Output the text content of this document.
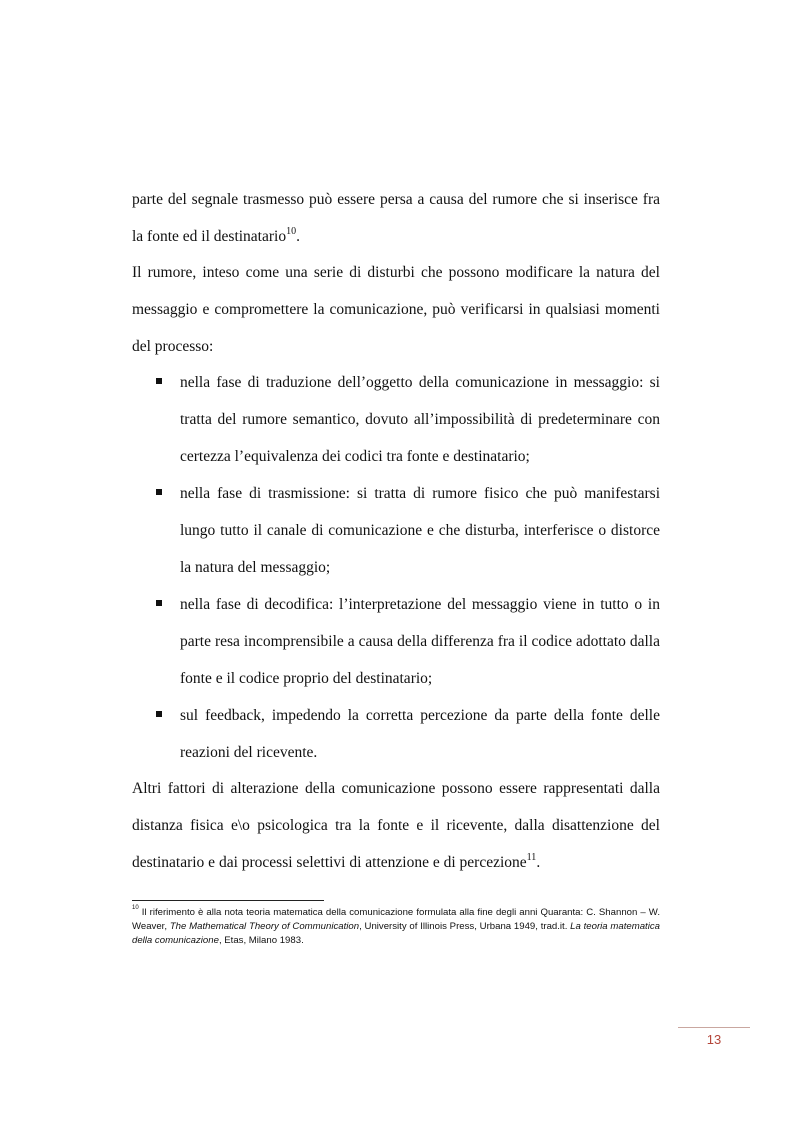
parte del segnale trasmesso può essere persa a causa del rumore che si inserisce fra la fonte ed il destinatario$^{10}$.

Il rumore, inteso come una serie di disturbi che possono modificare la natura del messaggio e compromettere la comunicazione, può verificarsi in qualsiasi momenti del processo:

nella fase di traduzione dell’oggetto della comunicazione in messaggio: si tratta del rumore semantico, dovuto all’impossibilità di predeterminare con certezza l’equivalenza dei codici tra fonte e destinatario;
nella fase di trasmissione: si tratta di rumore fisico che può manifestarsi lungo tutto il canale di comunicazione e che disturba, interferisce o distorce la natura del messaggio;
nella fase di decodifica: l’interpretazione del messaggio viene in tutto o in parte resa incomprensibile a causa della differenza fra il codice adottato dalla fonte e il codice proprio del destinatario;
sul feedback, impedendo la corretta percezione da parte della fonte delle reazioni del ricevente.

Altri fattori di alterazione della comunicazione possono essere rappresentati dalla distanza fisica e\o psicologica tra la fonte e il ricevente, dalla disattenzione del destinatario e dai processi selettivi di attenzione e di percezione$^{11}$.

$^{10}$ Il riferimento è alla nota teoria matematica della comunicazione formulata alla fine degli anni Quaranta: C. Shannon – W. Weaver, The Mathematical Theory of Communication, University of Illinois Press, Urbana 1949, trad.it. La teoria matematica della comunicazione, Etas, Milano 1983.

13
